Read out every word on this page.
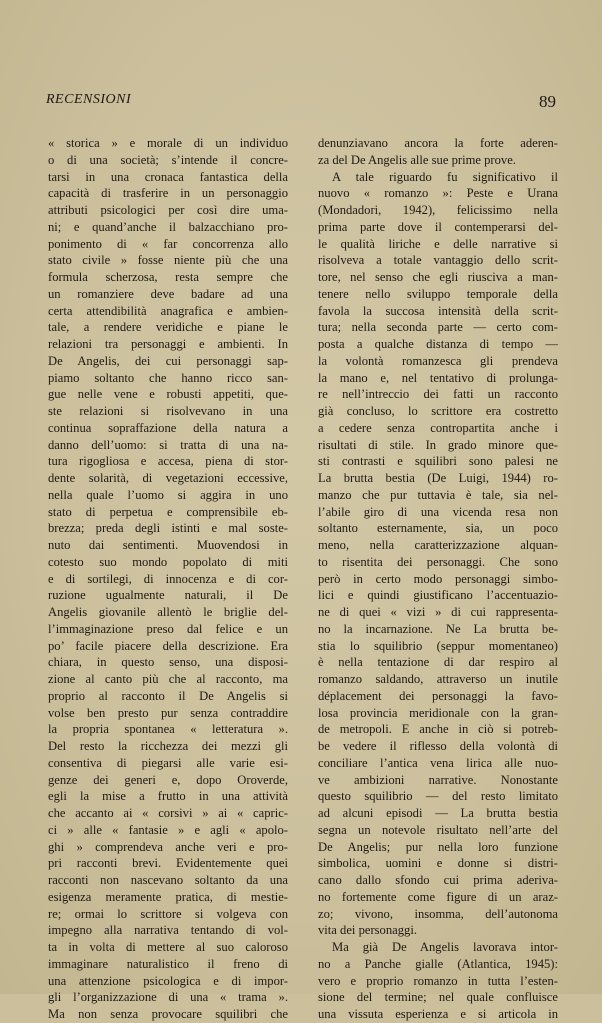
RECENSIONI	89
« storica » e morale di un individuo
o di una società; s’intende il concre-
tarsi in una cronaca fantastica della
capacità di trasferire in un personaggio
attributi psicologici per così dire uma-
ni; e quand’anche il balzacchiano pro-
ponimento di « far concorrenza allo
stato civile » fosse niente più che una
formula scherzosa, resta sempre che
un romanziere deve badare ad una
certa attendibilità anagrafica e ambien-
tale, a rendere veridiche e piane le
relazioni tra personaggi e ambienti. In
De Angelis, dei cui personaggi sap-
piamo soltanto che hanno ricco san-
gue nelle vene e robusti appetiti, que-
ste relazioni si risolvevano in una
continua sopraffazione della natura a
danno dell’uomo: si tratta di una na-
tura rigogliosa e accesa, piena di stor-
dente solarità, di vegetazioni eccessive,
nella quale l’uomo si aggira in uno
stato di perpetua e comprensibile eb-
brezza; preda degli istinti e mal soste-
nuto dai sentimenti. Muovendosi in
cotesto suo mondo popolato di miti
e di sortilegi, di innocenza e di cor-
ruzione ugualmente naturali, il De
Angelis giovanile allentò le briglie del-
l’immaginazione preso dal felice e un
po’ facile piacere della descrizione. Era
chiara, in questo senso, una disposi-
zione al canto più che al racconto, ma
proprio al racconto il De Angelis si
volse ben presto pur senza contraddire
la propria spontanea « letteratura ».
Del resto la ricchezza dei mezzi gli
consentiva di piegarsi alle varie esi-
genze dei generi e, dopo Oroverde,
egli la mise a frutto in una attività
che accanto ai « corsivi » ai « capric-
ci » alle « fantasie » e agli « apolo-
ghi » comprendeva anche veri e pro-
pri racconti brevi. Evidentemente quei
racconti non nascevano soltanto da una
esigenza meramente pratica, di mestie-
re; ormai lo scrittore si volgeva con
impegno alla narrativa tentando di vol-
ta in volta di mettere al suo caloroso
immaginare naturalistico il freno di
una attenzione psicologica e di impor-
gli l’organizzazione di una « trama ».
Ma non senza provocare squilibri che
denunziavano ancora la forte aderen-
za del De Angelis alle sue prime prove.
A tale riguardo fu significativo il
nuovo « romanzo »: Peste e Urana
(Mondadori, 1942), felicissimo nella
prima parte dove il contemperarsi del-
le qualità liriche e delle narrative si
risolveva a totale vantaggio dello scrit-
tore, nel senso che egli riusciva a man-
tenere nello sviluppo temporale della
favola la succosa intensità della scrit-
tura; nella seconda parte — certo com-
posta a qualche distanza di tempo —
la volontà romanzesca gli prendeva
la mano e, nel tentativo di prolunga-
re nell’intreccio dei fatti un racconto
già concluso, lo scrittore era costretto
a cedere senza contropartita anche i
risultati di stile. In grado minore que-
sti contrasti e squilibri sono palesi ne
La brutta bestia (De Luigi, 1944) ro-
manzo che pur tuttavia è tale, sia nel-
l’abile giro di una vicenda resa non
soltanto esternamente, sia, un poco
meno, nella caratterizzazione alquan-
to risentita dei personaggi. Che sono
però in certo modo personaggi simbo-
lici e quindi giustificano l’accentuazio-
ne di quei « vizi » di cui rappresenta-
no la incarnazione. Ne La brutta be-
stia lo squilibrio (seppur momentaneo)
è nella tentazione di dar respiro al
romanzo saldando, attraverso un inutile
déplacement dei personaggi la favo-
losa provincia meridionale con la gran-
de metropoli. E anche in ciò si potreb-
be vedere il riflesso della volontà di
conciliare l’antica vena lirica alle nuo-
ve ambizioni narrative. Nonostante
questo squilibrio — del resto limitato
ad alcuni episodi — La brutta bestia
segna un notevole risultato nell’arte del
De Angelis; pur nella loro funzione
simbolica, uomini e donne si distri-
cano dallo sfondo cui prima aderiva-
no fortemente come figure di un araz-
zo; vivono, insomma, dell’autonoma
vita dei personaggi.
Ma già De Angelis lavorava intor-
no a Panche gialle (Atlantica, 1945):
vero e proprio romanzo in tutta l’esten-
sione del termine; nel quale confluisce
una vissuta esperienza e si articola in
